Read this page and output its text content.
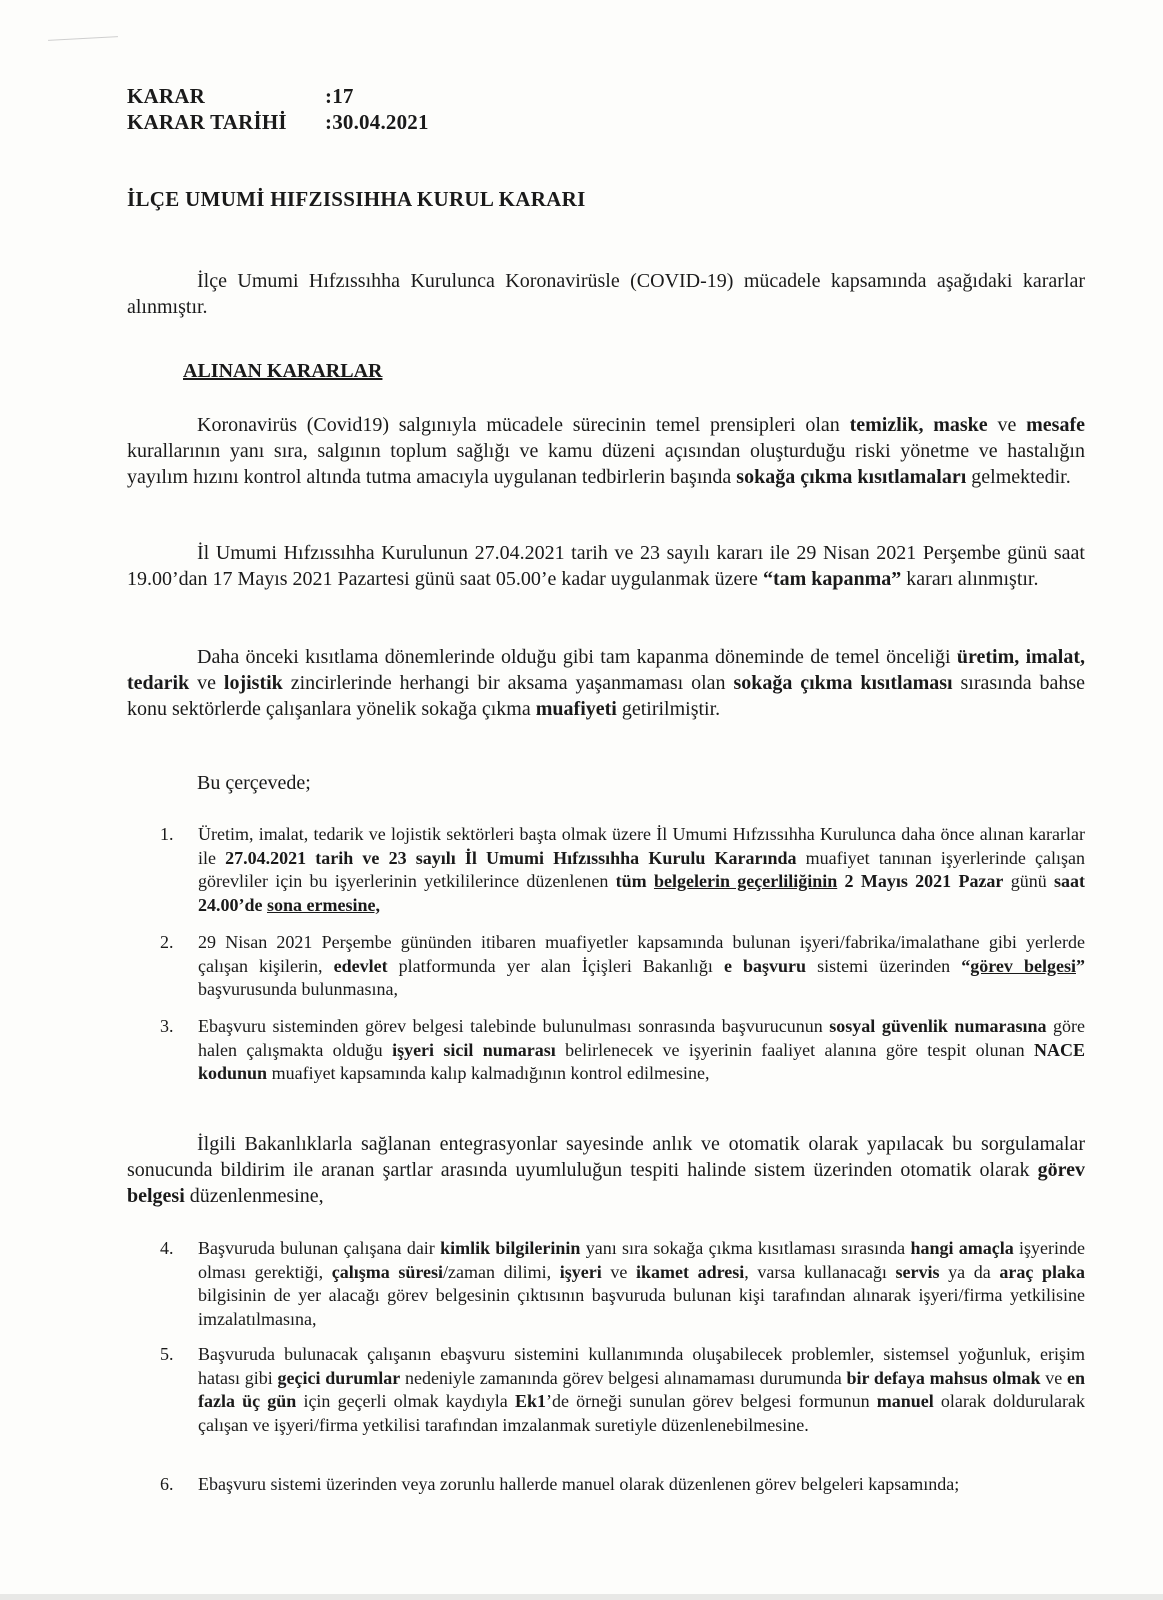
KARAR	:17
KARAR TARİHİ :30.04.2021
İLÇE UMUMİ HIFZISSIHHA KURUL KARARI
İlçe Umumi Hıfzıssıhha Kurulunca Koronavirüsle (COVID-19) mücadele kapsamında aşağıdaki kararlar alınmıştır.
ALINAN KARARLAR
Koronavirüs (Covid19) salgınıyla mücadele sürecinin temel prensipleri olan temizlik, maske ve mesafe kurallarının yanı sıra, salgının toplum sağlığı ve kamu düzeni açısından oluşturduğu riski yönetme ve hastalığın yayılım hızını kontrol altında tutma amacıyla uygulanan tedbirlerin başında sokağa çıkma kısıtlamaları gelmektedir.
İl Umumi Hıfzıssıhha Kurulunun 27.04.2021 tarih ve 23 sayılı kararı ile 29 Nisan 2021 Perşembe günü saat 19.00’dan 17 Mayıs 2021 Pazartesi günü saat 05.00’e kadar uygulanmak üzere “tam kapanma” kararı alınmıştır.
Daha önceki kısıtlama dönemlerinde olduğu gibi tam kapanma döneminde de temel önceliği üretim, imalat, tedarik ve lojistik zincirlerinde herhangi bir aksama yaşanmaması olan sokağa çıkma kısıtlaması sırasında bahse konu sektörlerde çalışanlara yönelik sokağa çıkma muafiyeti getirilmiştir.
Bu çerçevede;
1.	Üretim, imalat, tedarik ve lojistik sektörleri başta olmak üzere İl Umumi Hıfzıssıhha Kurulunca daha önce alınan kararlar ile 27.04.2021 tarih ve 23 sayılı İl Umumi Hıfzıssıhha Kurulu Kararında muafiyet tanınan işyerlerinde çalışan görevliler için bu işyerlerinin yetkililerince düzenlenen tüm belgelerin geçerliliğinin 2 Mayıs 2021 Pazar günü saat 24.00’de sona ermesine,
2.	29 Nisan 2021 Perşembe gününden itibaren muafiyetler kapsamında bulunan işyeri/fabrika/imalathane gibi yerlerde çalışan kişilerin, edevlet platformunda yer alan İçişleri Bakanlığı e başvuru sistemi üzerinden “görev belgesi” başvurusunda bulunmasına,
3.	Ebaşvuru sisteminden görev belgesi talebinde bulunulması sonrasında başvurucunun sosyal güvenlik numarasına göre halen çalışmakta olduğu işyeri sicil numarası belirlenecek ve işyerinin faaliyet alanına göre tespit olunan NACE kodunun muafiyet kapsamında kalıp kalmadığının kontrol edilmesine,
İlgili Bakanlıklarla sağlanan entegrasyonlar sayesinde anlık ve otomatik olarak yapılacak bu sorgulamalar sonucunda bildirim ile aranan şartlar arasında uyumluluğun tespiti halinde sistem üzerinden otomatik olarak görev belgesi düzenlenmesine,
4.	Başvuruda bulunan çalışana dair kimlik bilgilerinin yanı sıra sokağa çıkma kısıtlaması sırasında hangi amaçla işyerinde olması gerektiği, çalışma süresi/zaman dilimi, işyeri ve ikamet adresi, varsa kullanacağı servis ya da araç plaka bilgisinin de yer alacağı görev belgesinin çıktısının başvuruda bulunan kişi tarafından alınarak işyeri/firma yetkilisine imzalatılmasına,
5.	Başvuruda bulunacak çalışanın ebaşvuru sistemini kullanımında oluşabilecek problemler, sistemsel yoğunluk, erişim hatası gibi geçici durumlar nedeniyle zamanında görev belgesi alınamaması durumunda bir defaya mahsus olmak ve en fazla üç gün için geçerli olmak kaydıyla Ek1’de örneği sunulan görev belgesi formunun manuel olarak doldurularak çalışan ve işyeri/firma yetkilisi tarafından imzalanmak suretiyle düzenlenebilmesine.
6.	Ebaşvuru sistemi üzerinden veya zorunlu hallerde manuel olarak düzenlenen görev belgeleri kapsamında;
